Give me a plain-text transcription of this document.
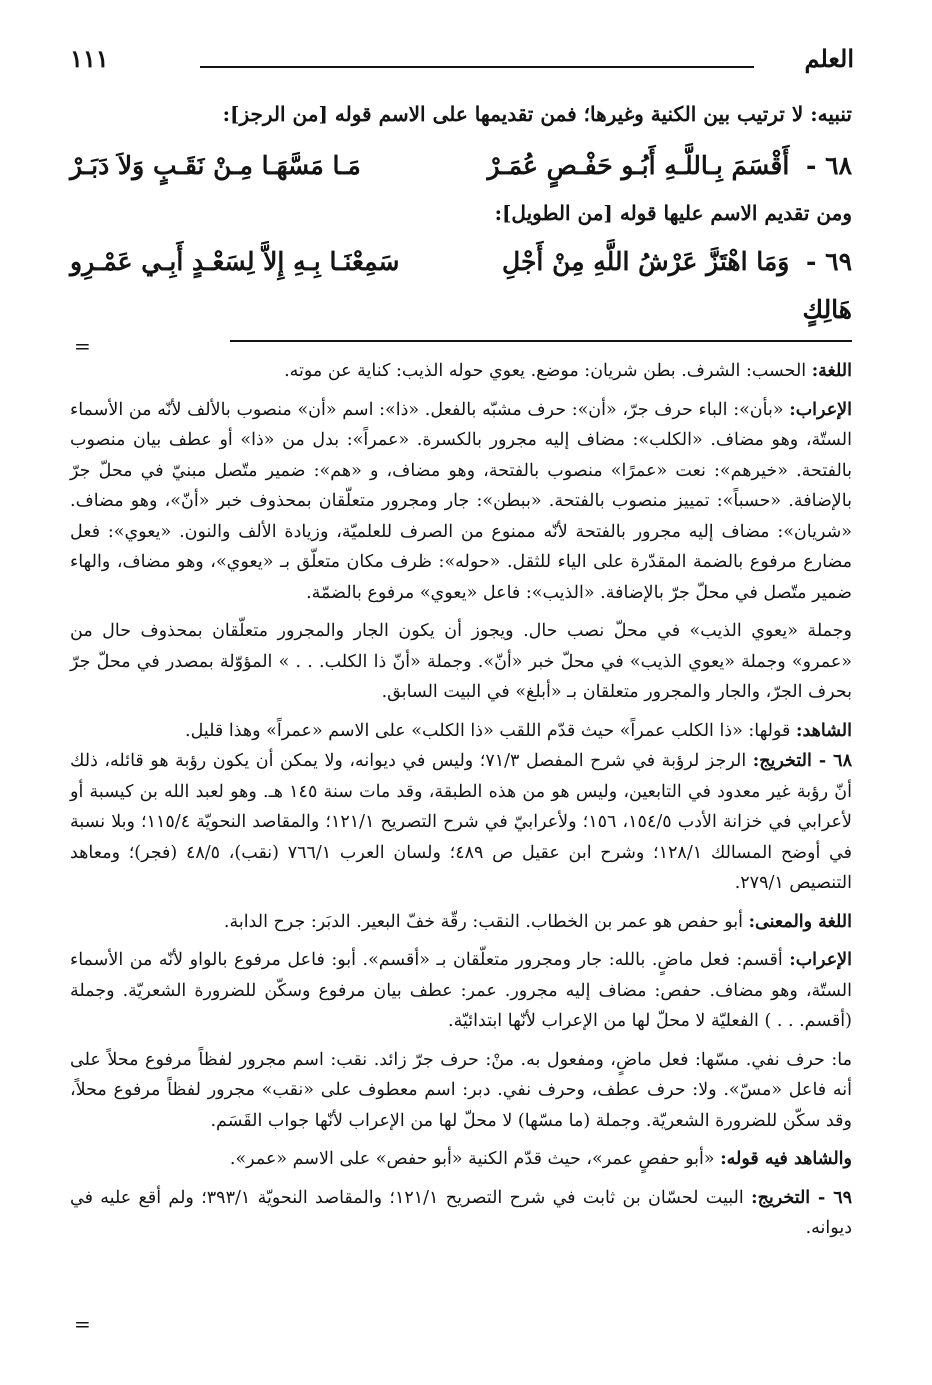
العلم
١١١
=
=

تنبيه: لا ترتيب بين الكنية وغيرها؛ فمن تقديمها على الاسم قوله [من الرجز]:

٦٨ - أَقْسَمَ بِـاللَّـهِ أَبُـو حَفْـصٍ عُمَـرْ
مَـا مَسَّهَـا مِـنْ نَقَـبٍ وَلاَ دَبَـرْ

ومن تقديم الاسم عليها قوله [من الطويل]:

٦٩ - وَمَا اهْتَزَّ عَرْشُ اللَّهِ مِنْ أَجْلِ هَالِكٍ
سَمِعْنَـا بِـهِ إِلاَّ لِسَعْـدٍ أَبِـي عَمْـرِو

اللغة: الحسب: الشرف. بطن شريان: موضع. يعوي حوله الذيب: كناية عن موته.

الإعراب: «بأن»: الباء حرف جرّ، «أن»: حرف مشبّه بالفعل. «ذا»: اسم «أن» منصوب بالألف لأنّه من الأسماء الستّة، وهو مضاف. «الكلب»: مضاف إليه مجرور بالكسرة. «عمراً»: بدل من «ذا» أو عطف بيان منصوب بالفتحة. «خيرهم»: نعت «عمرًا» منصوب بالفتحة، وهو مضاف، و «هم»: ضمير متّصل مبنيّ في محلّ جرّ بالإضافة. «حسباً»: تمييز منصوب بالفتحة. «ببطن»: جار ومجرور متعلّقان بمحذوف خبر «أنّ»، وهو مضاف. «شريان»: مضاف إليه مجرور بالفتحة لأنّه ممنوع من الصرف للعلميّة، وزيادة الألف والنون. «يعوي»: فعل مضارع مرفوع بالضمة المقدّرة على الياء للثقل. «حوله»: ظرف مكان متعلّق بـ «يعوي»، وهو مضاف، والهاء ضمير متّصل في محلّ جرّ بالإضافة. «الذيب»: فاعل «يعوي» مرفوع بالضمّة.

وجملة «يعوي الذيب» في محلّ نصب حال. ويجوز أن يكون الجار والمجرور متعلّقان بمحذوف حال من «عمرو» وجملة «يعوي الذيب» في محلّ خبر «أنّ». وجملة «أنّ ذا الكلب. . . » المؤوّلة بمصدر في محلّ جرّ بحرف الجرّ، والجار والمجرور متعلقان بـ «أبلغ» في البيت السابق.

الشاهد: قولها: «ذا الكلب عمراً» حيث قدّم اللقب «ذا الكلب» على الاسم «عمراً» وهذا قليل.

٦٨ - التخريج: الرجز لرؤبة في شرح المفصل ٧١/٣؛ وليس في ديوانه، ولا يمكن أن يكون رؤبة هو قائله، ذلك أنّ رؤبة غير معدود في التابعين، وليس هو من هذه الطبقة، وقد مات سنة ١٤٥ هـ. وهو لعبد الله بن كيسبة أو لأعرابي في خزانة الأدب ١٥٤/٥، ١٥٦؛ ولأعرابيّ في شرح التصريح ١٢١/١؛ والمقاصد النحويّة ١١٥/٤؛ وبلا نسبة في أوضح المسالك ١٢٨/١؛ وشرح ابن عقيل ص ٤٨٩؛ ولسان العرب ٧٦٦/١ (نقب)، ٤٨/٥ (فجر)؛ ومعاهد التنصيص ٢٧٩/١.

اللغة والمعنى: أبو حفص هو عمر بن الخطاب. النقب: رقّة خفّ البعير. الدبَر: جرح الدابة.

الإعراب: أقسم: فعل ماضٍ. بالله: جار ومجرور متعلّقان بـ «أقسم». أبو: فاعل مرفوع بالواو لأنّه من الأسماء الستّة، وهو مضاف. حفص: مضاف إليه مجرور. عمر: عطف بيان مرفوع وسكّن للضرورة الشعريّة. وجملة (أقسم. . . ) الفعليّة لا محلّ لها من الإعراب لأنّها ابتدائيّة.

ما: حرف نفي. مسّها: فعل ماضٍ، ومفعول به. منْ: حرف جرّ زائد. نقب: اسم مجرور لفظاً مرفوع محلاً على أنه فاعل «مسّ». ولا: حرف عطف، وحرف نفي. دبر: اسم معطوف على «نقب» مجرور لفظاً مرفوع محلاً، وقد سكّن للضرورة الشعريّة. وجملة (ما مسّها) لا محلّ لها من الإعراب لأنّها جواب القَسَم.

والشاهد فيه قوله: «أبو حفصٍ عمر»، حيث قدّم الكنية «أبو حفص» على الاسم «عمر».

٦٩ - التخريج: البيت لحسّان بن ثابت في شرح التصريح ١٢١/١؛ والمقاصد النحويّة ٣٩٣/١؛ ولم أقع عليه في ديوانه.
